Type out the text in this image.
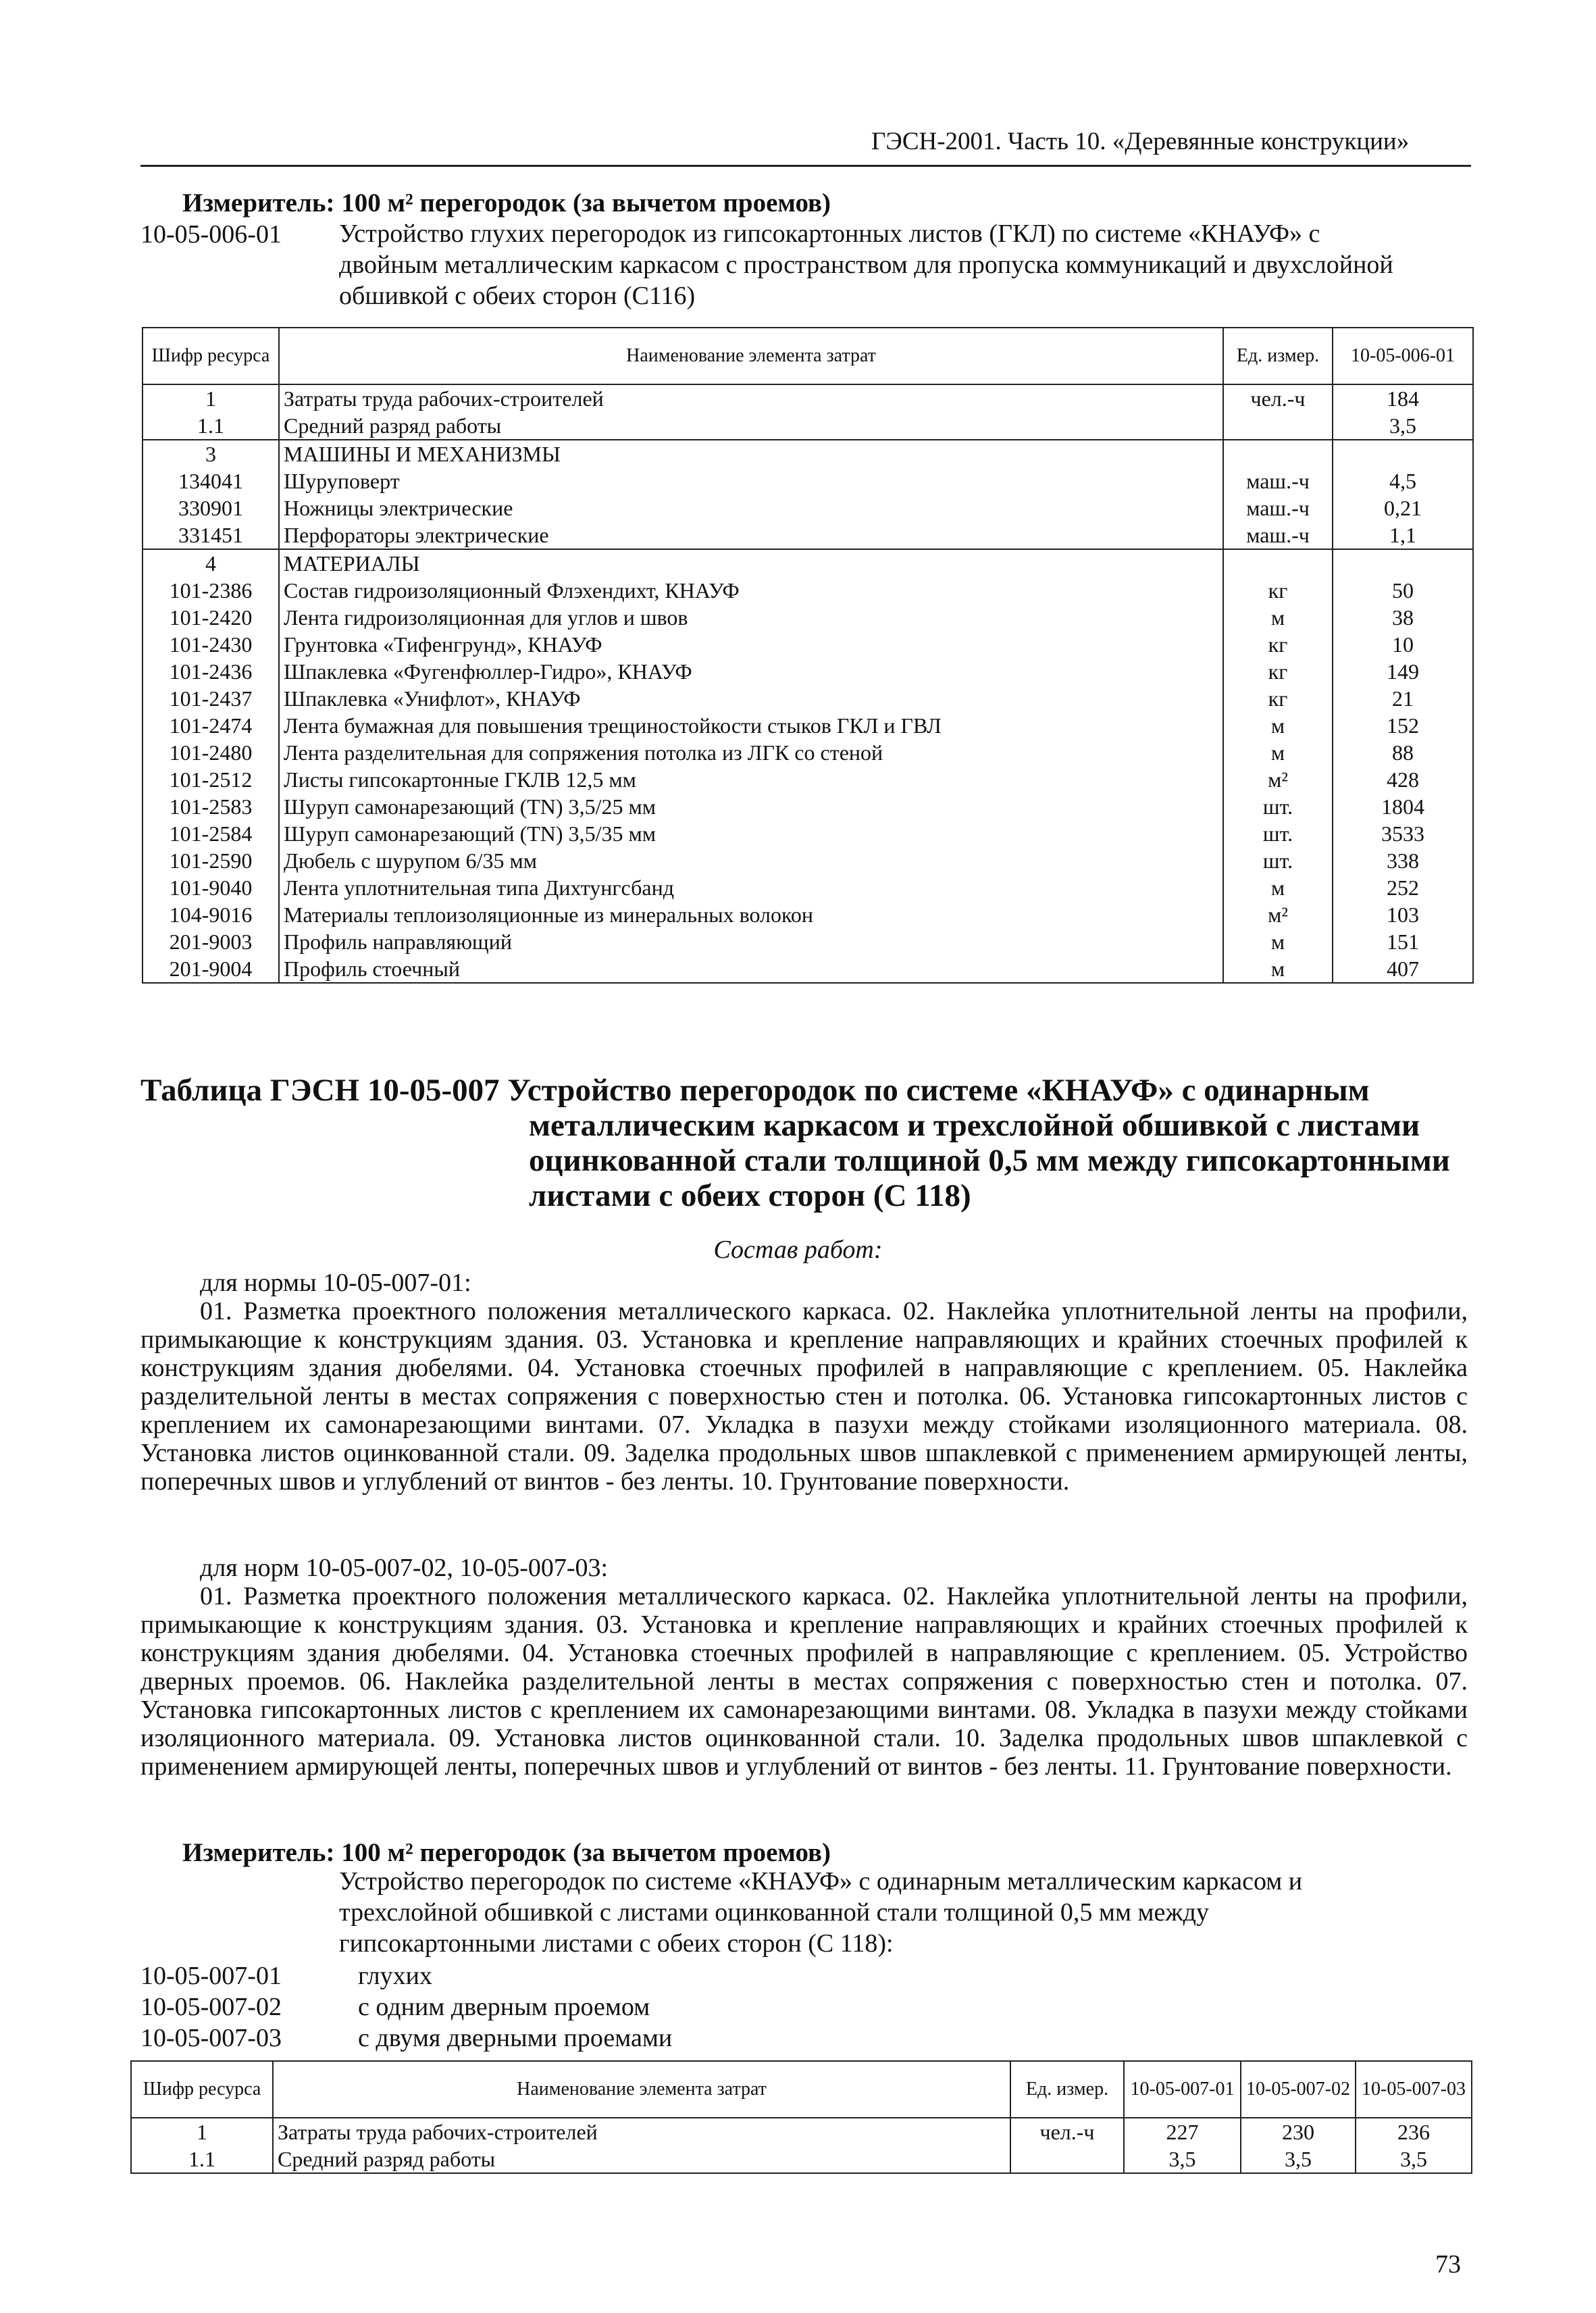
ГЭСН-2001. Часть 10. «Деревянные конструкции»
Измеритель: 100 м² перегородок (за вычетом проемов)
10-05-006-01 Устройство глухих перегородок из гипсокартонных листов (ГКЛ) по системе «КНАУФ» с двойным металлическим каркасом с пространством для пропуска коммуникаций и двухслойной обшивкой с обеих сторон (С116)
Шифр ресурса	Наименование элемента затрат	Ед. измер.	10-05-006-01
1	Затраты труда рабочих-строителей	чел.-ч	184
1.1	Средний разряд работы		3,5
3	МАШИНЫ И МЕХАНИЗМЫ		
134041	Шуруповерт	маш.-ч	4,5
330901	Ножницы электрические	маш.-ч	0,21
331451	Перфораторы электрические	маш.-ч	1,1
4	МАТЕРИАЛЫ		
101-2386	Состав гидроизоляционный Флэхендихт, КНАУФ	кг	50
101-2420	Лента гидроизоляционная для углов и швов	м	38
101-2430	Грунтовка «Тифенгрунд», КНАУФ	кг	10
101-2436	Шпаклевка «Фугенфюллер-Гидро», КНАУФ	кг	149
101-2437	Шпаклевка «Унифлот», КНАУФ	кг	21
101-2474	Лента бумажная для повышения трещиностойкости стыков ГКЛ и ГВЛ	м	152
101-2480	Лента разделительная для сопряжения потолка из ЛГК со стеной	м	88
101-2512	Листы гипсокартонные ГКЛВ 12,5 мм	м²	428
101-2583	Шуруп самонарезающий (TN) 3,5/25 мм	шт.	1804
101-2584	Шуруп самонарезающий (TN) 3,5/35 мм	шт.	3533
101-2590	Дюбель с шурупом 6/35 мм	шт.	338
101-9040	Лента уплотнительная типа Дихтунгсбанд	м	252
104-9016	Материалы теплоизоляционные из минеральных волокон	м²	103
201-9003	Профиль направляющий	м	151
201-9004	Профиль стоечный	м	407
Таблица ГЭСН 10-05-007 Устройство перегородок по системе «КНАУФ» с одинарным
металлическим каркасом и трехслойной обшивкой с листами оцинкованной стали толщиной 0,5 мм между гипсокартонными листами с обеих сторон (С 118)
Состав работ:
для нормы 10-05-007-01:
01. Разметка проектного положения металлического каркаса. 02. Наклейка уплотнительной ленты на профили, примыкающие к конструкциям здания. 03. Установка и крепление направляющих и крайних стоечных профилей к конструкциям здания дюбелями. 04. Установка стоечных профилей в направляющие с креплением. 05. Наклейка разделительной ленты в местах сопряжения с поверхностью стен и потолка. 06. Установка гипсокартонных листов с креплением их самонарезающими винтами. 07. Укладка в пазухи между стойками изоляционного материала. 08. Установка листов оцинкованной стали. 09. Заделка продольных швов шпаклевкой с применением армирующей ленты, поперечных швов и углублений от винтов - без ленты. 10. Грунтование поверхности.
для норм 10-05-007-02, 10-05-007-03:
01. Разметка проектного положения металлического каркаса. 02. Наклейка уплотнительной ленты на профили, примыкающие к конструкциям здания. 03. Установка и крепление направляющих и крайних стоечных профилей к конструкциям здания дюбелями. 04. Установка стоечных профилей в направляющие с креплением. 05. Устройство дверных проемов. 06. Наклейка разделительной ленты в местах сопряжения с поверхностью стен и потолка. 07. Установка гипсокартонных листов с креплением их самонарезающими винтами. 08. Укладка в пазухи между стойками изоляционного материала. 09. Установка листов оцинкованной стали. 10. Заделка продольных швов шпаклевкой с применением армирующей ленты, поперечных швов и углублений от винтов - без ленты. 11. Грунтование поверхности.
Измеритель: 100 м² перегородок (за вычетом проемов)
Устройство перегородок по системе «КНАУФ» с одинарным металлическим каркасом и трехслойной обшивкой с листами оцинкованной стали толщиной 0,5 мм между гипсокартонными листами с обеих сторон (С 118):
10-05-007-01	глухих
10-05-007-02	с одним дверным проемом
10-05-007-03	с двумя дверными проемами
Шифр ресурса	Наименование элемента затрат	Ед. измер.	10-05-007-01	10-05-007-02	10-05-007-03
1	Затраты труда рабочих-строителей	чел.-ч	227	230	236
1.1	Средний разряд работы		3,5	3,5	3,5
73
